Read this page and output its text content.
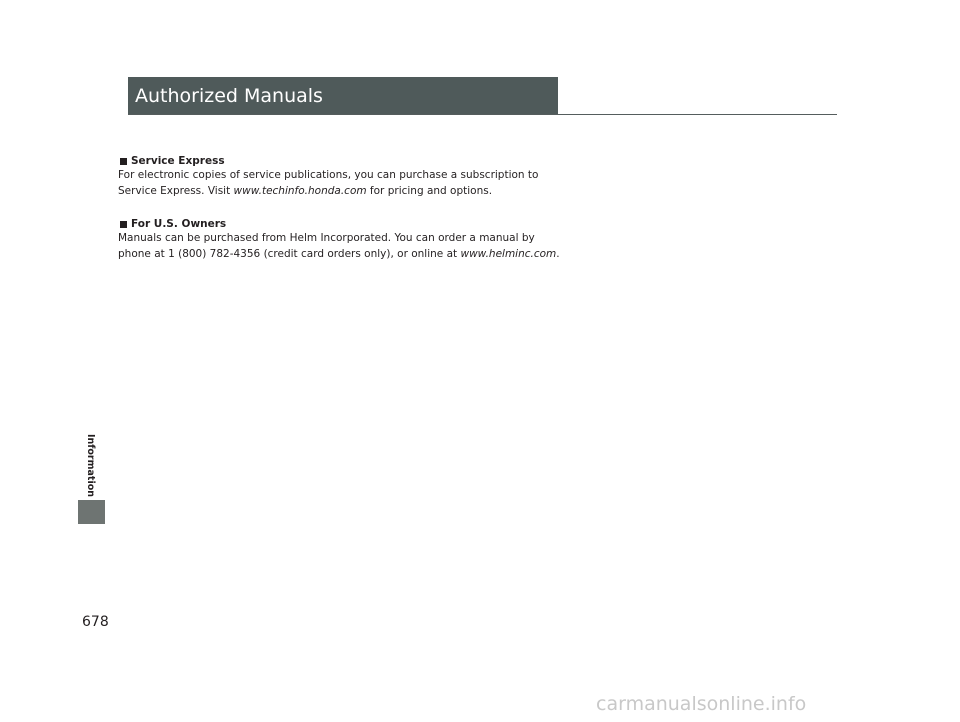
Information
Authorized Manuals
Service Express
For electronic copies of service publications, you can purchase a subscription to
Service Express. Visit www.techinfo.honda.com for pricing and options.
For U.S. Owners
Manuals can be purchased from Helm Incorporated. You can order a manual by
phone at 1 (800) 782-4356 (credit card orders only), or online at www.helminc.com.
678
carmanualsonline.info
